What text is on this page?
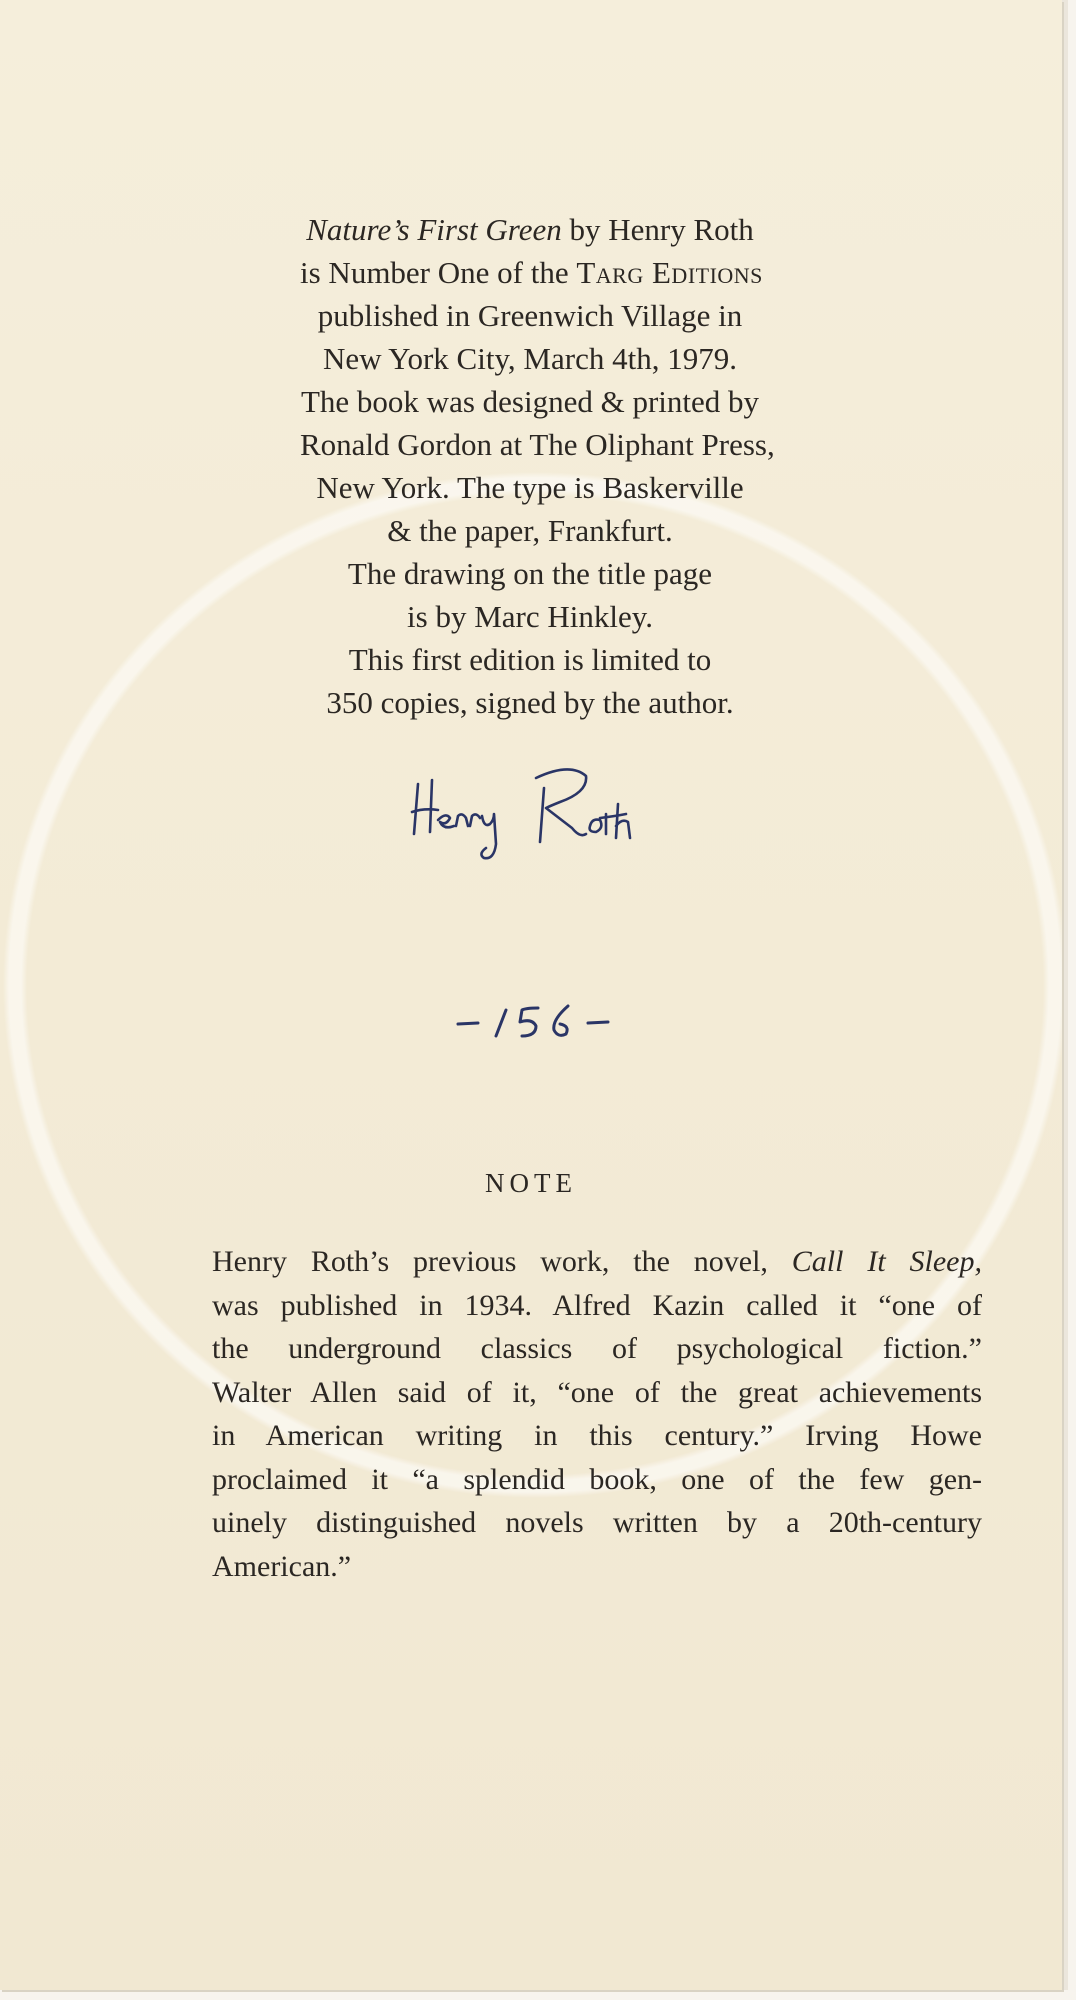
Nature’s First Green by Henry Roth
is Number One of the Targ Editions
published in Greenwich Village in
New York City, March 4th, 1979.
The book was designed & printed by
Ronald Gordon at The Oliphant Press,
New York. The type is Baskerville
& the paper, Frankfurt.
The drawing on the title page
is by Marc Hinkley.
This first edition is limited to
350 copies, signed by the author.
NOTE
Henry Roth’s previous work, the novel, Call It Sleep,
was published in 1934. Alfred Kazin called it “one of
the underground classics of psychological fiction.”
Walter Allen said of it, “one of the great achievements
in American writing in this century.” Irving Howe
proclaimed it “a splendid book, one of the few gen-
uinely distinguished novels written by a 20th-century
American.”
